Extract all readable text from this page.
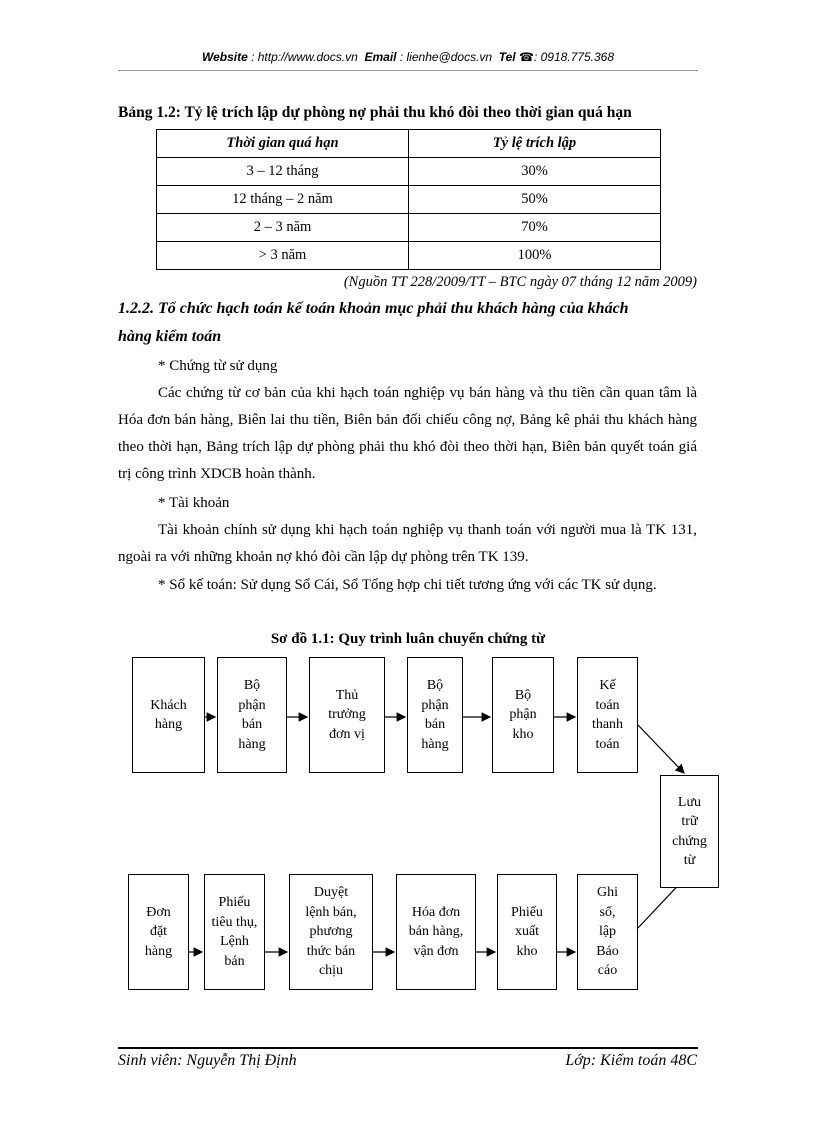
Website : http://www.docs.vn Email : lienhe@docs.vn Tel ☎: 0918.775.368
Bảng 1.2: Tỷ lệ trích lập dự phòng nợ phải thu khó đòi theo thời gian quá hạn
Thời gian quá hạn	Tỷ lệ trích lập
3 – 12 tháng	30%
12 tháng – 2 năm	50%
2 – 3 năm	70%
> 3 năm	100%
(Nguồn TT 228/2009/TT – BTC ngày 07 tháng 12 năm 2009)
1.2.2. Tổ chức hạch toán kế toán khoản mục phải thu khách hàng của khách
hàng kiểm toán
* Chứng từ sử dụng
Các chứng từ cơ bản của khi hạch toán nghiệp vụ bán hàng và thu tiền cần quan tâm là Hóa đơn bán hàng, Biên lai thu tiền, Biên bản đối chiếu công nợ, Bảng kê phải thu khách hàng theo thời hạn, Bảng trích lập dự phòng phải thu khó đòi theo thời hạn, Biên bản quyết toán giá trị công trình XDCB hoàn thành.
* Tài khoản
Tài khoản chính sử dụng khi hạch toán nghiệp vụ thanh toán với người mua là TK 131, ngoài ra với những khoản nợ khó đòi cần lập dự phòng trên TK 139.
* Sổ kế toán: Sử dụng Sổ Cái, Sổ Tổng hợp chi tiết tương ứng với các TK sử dụng.
Sơ đồ 1.1: Quy trình luân chuyển chứng từ
Khách
hàng
Bộ
phận
bán
hàng
Thủ
trưởng
đơn vị
Bộ
phận
bán
hàng
Bộ
phận
kho
Kế
toán
thanh
toán
Lưu
trữ
chứng
từ
Đơn
đặt
hàng
Phiếu
tiêu thụ,
Lệnh
bán
Duyệt
lệnh bán,
phương
thức bán
chịu
Hóa đơn
bán hàng,
vận đơn
Phiếu
xuất
kho
Ghi
sổ,
lập
Báo
cáo
Sinh viên: Nguyễn Thị Định	Lớp: Kiểm toán 48C
